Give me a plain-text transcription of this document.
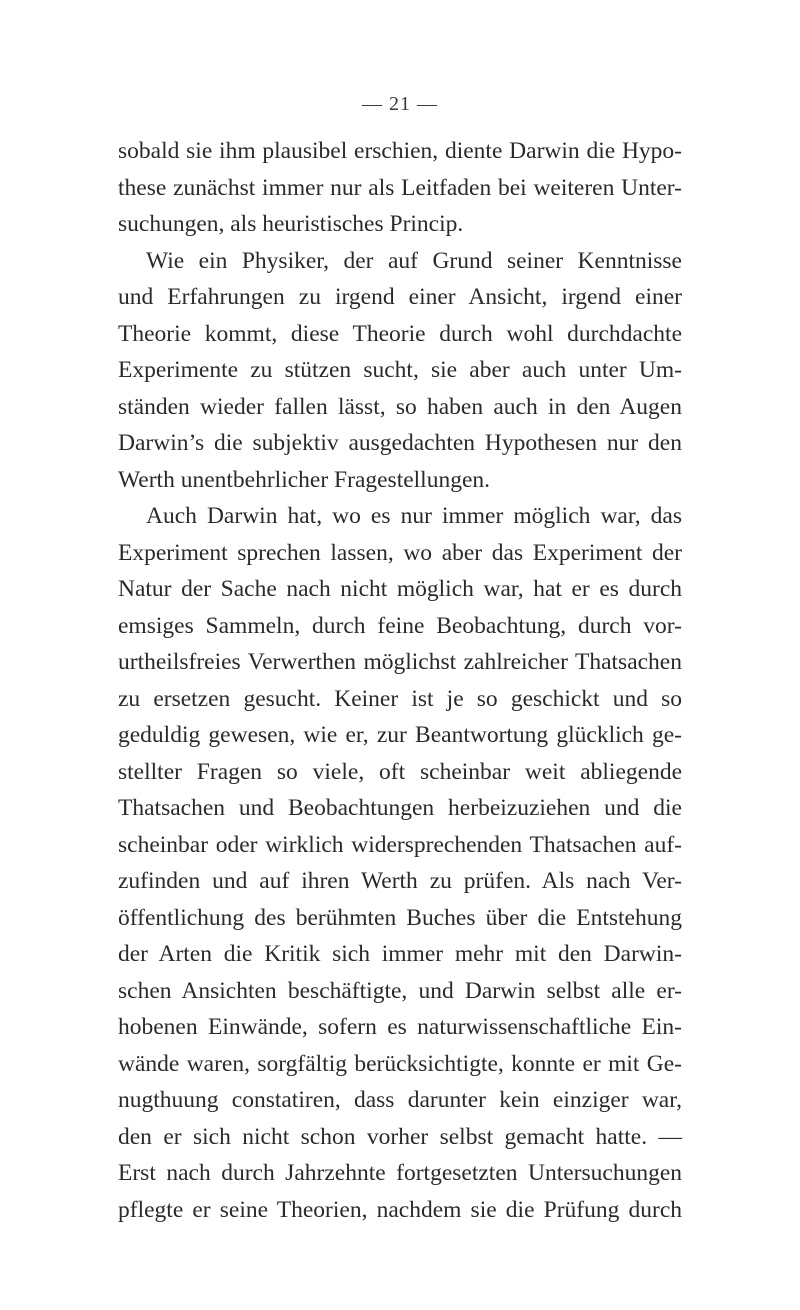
— 21 —
sobald sie ihm plausibel erschien, diente Darwin die Hypo-
these zunächst immer nur als Leitfaden bei weiteren Unter-
suchungen, als heuristisches Princip.
Wie ein Physiker, der auf Grund seiner Kenntnisse
und Erfahrungen zu irgend einer Ansicht, irgend einer
Theorie kommt, diese Theorie durch wohl durchdachte
Experimente zu stützen sucht, sie aber auch unter Um-
ständen wieder fallen lässt, so haben auch in den Augen
Darwin’s die subjektiv ausgedachten Hypothesen nur den
Werth unentbehrlicher Fragestellungen.
Auch Darwin hat, wo es nur immer möglich war, das
Experiment sprechen lassen, wo aber das Experiment der
Natur der Sache nach nicht möglich war, hat er es durch
emsiges Sammeln, durch feine Beobachtung, durch vor-
urtheilsfreies Verwerthen möglichst zahlreicher Thatsachen
zu ersetzen gesucht. Keiner ist je so geschickt und so
geduldig gewesen, wie er, zur Beantwortung glücklich ge-
stellter Fragen so viele, oft scheinbar weit abliegende
Thatsachen und Beobachtungen herbeizuziehen und die
scheinbar oder wirklich widersprechenden Thatsachen auf-
zufinden und auf ihren Werth zu prüfen. Als nach Ver-
öffentlichung des berühmten Buches über die Entstehung
der Arten die Kritik sich immer mehr mit den Darwin-
schen Ansichten beschäftigte, und Darwin selbst alle er-
hobenen Einwände, sofern es naturwissenschaftliche Ein-
wände waren, sorgfältig berücksichtigte, konnte er mit Ge-
nugthuung constatiren, dass darunter kein einziger war,
den er sich nicht schon vorher selbst gemacht hatte. —
Erst nach durch Jahrzehnte fortgesetzten Untersuchungen
pflegte er seine Theorien, nachdem sie die Prüfung durch
